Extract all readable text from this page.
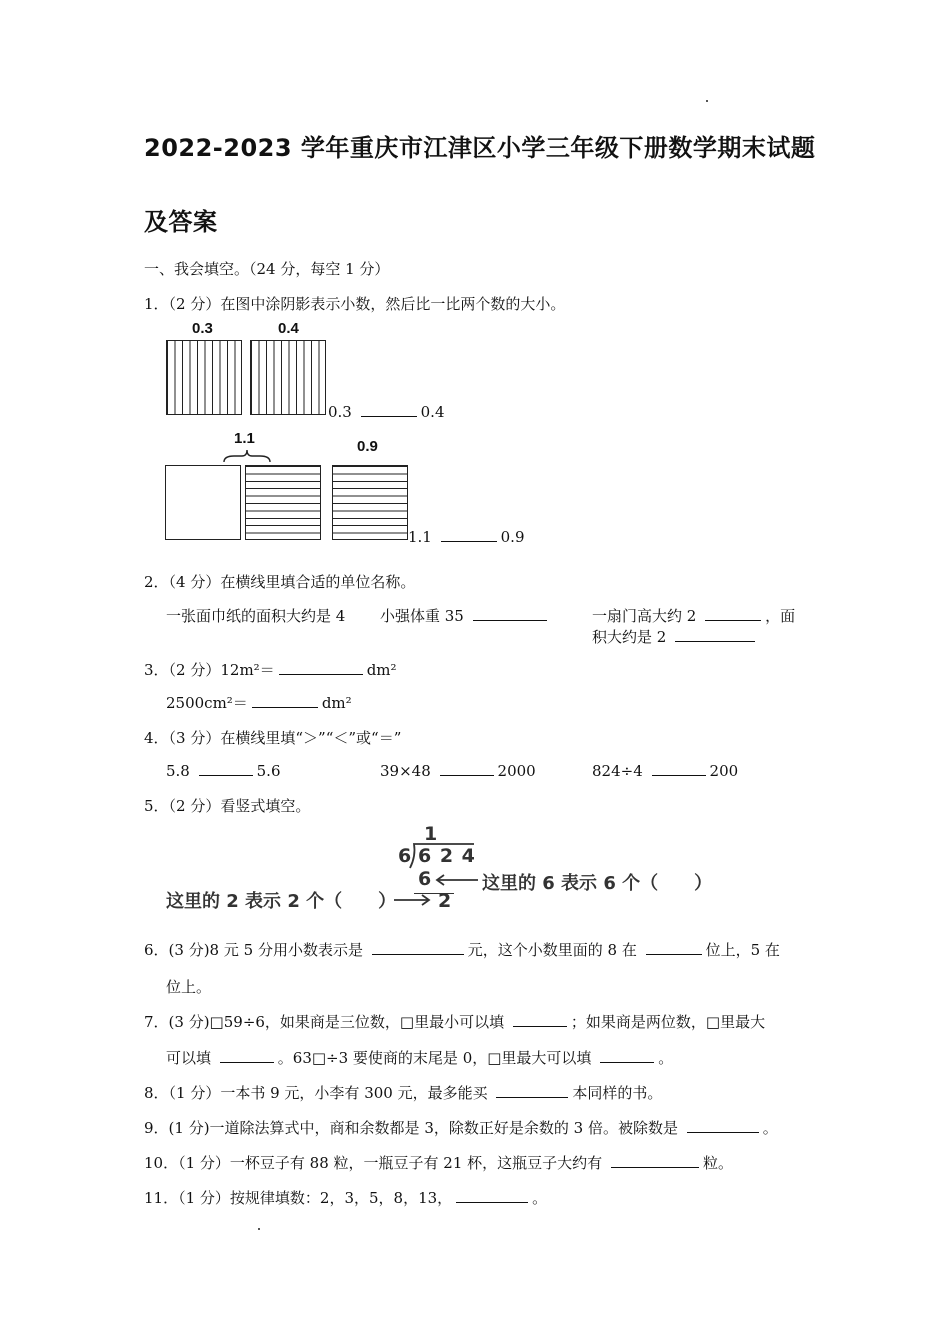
2022-2023 学年重庆市江津区小学三年级下册数学期末试题
及答案
一、我会填空。（24 分，每空 1 分）
1．（2 分）在图中涂阴影表示小数，然后比一比两个数的大小。
0.3	0.4
0.3	0.4
1.1	0.9
1.1	0.9
2．（4 分）在横线里填合适的单位名称。
一张面巾纸的面积大约是 4 小强体重 35	一扇门高大约 2	，面
积大约是 2
3．（2 分）12m²＝	dm²
2500cm²＝	dm²
4．（3 分）在横线里填“＞”“＜”或“＝”
5.8	5.6	39×48	2000	824÷4	200
5．（2 分）看竖式填空。
1
6 6 2 4
6	这里的 6 表示 6 个（　　）
这里的 2 表示 2 个（　　） 2
6．(3 分)8 元 5 分用小数表示是	元，这个小数里面的 8 在	位上，5 在
位上。
7．(3 分)□59÷6，如果商是三位数，□里最小可以填	；如果商是两位数，□里最大
可以填	。63□÷3 要使商的末尾是 0，□里最大可以填	。
8．（1 分）一本书 9 元，小李有 300 元，最多能买	本同样的书。
9．(1 分)一道除法算式中，商和余数都是 3，除数正好是余数的 3 倍。被除数是	。
10．（1 分）一杯豆子有 88 粒，一瓶豆子有 21 杯，这瓶豆子大约有	粒。
11．（1 分）按规律填数：2，3，5，8，13，	。
